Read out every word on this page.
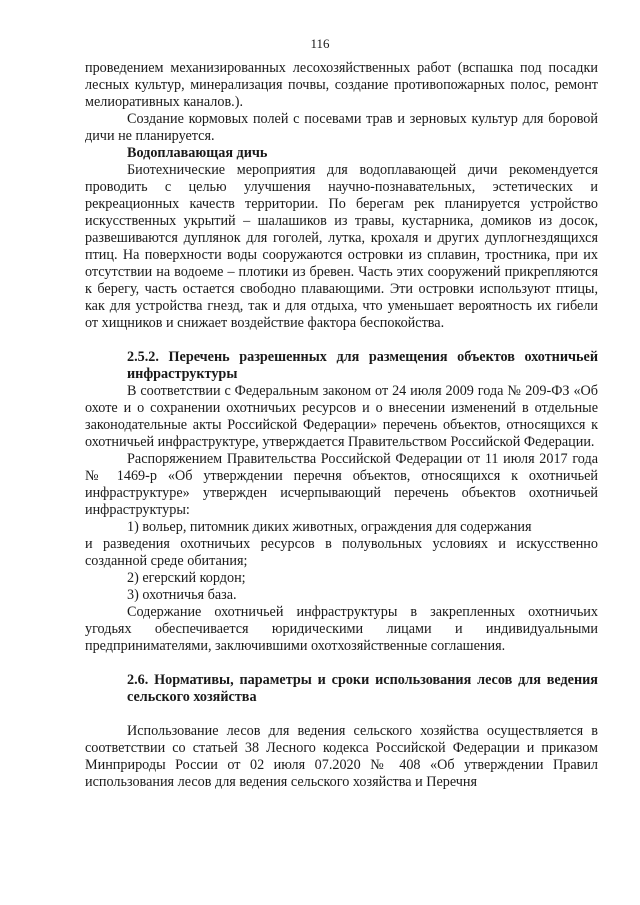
116

проведением механизированных лесохозяйственных работ (вспашка под посадки лесных культур, минерализация почвы, создание противопожарных полос, ремонт мелиоративных каналов.).

Создание кормовых полей с посевами трав и зерновых культур для боровой дичи не планируется.

Водоплавающая дичь

Биотехнические мероприятия для водоплавающей дичи рекомендуется проводить с целью улучшения научно-познавательных, эстетических и рекреационных качеств территории. По берегам рек планируется устройство искусственных укрытий – шалашиков из травы, кустарника, домиков из досок, развешиваются дуплянок для гоголей, лутка, крохаля и других дуплогнездящихся птиц. На поверхности воды сооружаются островки из сплавин, тростника, при их отсутствии на водоеме – плотики из бревен. Часть этих сооружений прикрепляются к берегу, часть остается свободно плавающими. Эти островки используют птицы, как для устройства гнезд, так и для отдыха, что уменьшает вероятность их гибели от хищников и снижает воздействие фактора беспокойства.

2.5.2. Перечень разрешенных для размещения объектов охотничьей инфраструктуры

В соответствии с Федеральным законом от 24 июля 2009 года № 209-ФЗ «Об охоте и о сохранении охотничьих ресурсов и о внесении изменений в отдельные законодательные акты Российской Федерации» перечень объектов, относящихся к охотничьей инфраструктуре, утверждается Правительством Российской Федерации.

Распоряжением Правительства Российской Федерации от 11 июля 2017 года № 1469-р «Об утверждении перечня объектов, относящихся к охотничьей инфраструктуре» утвержден исчерпывающий перечень объектов охотничьей инфраструктуры:

1) вольер, питомник диких животных, ограждения для содержания

и разведения охотничьих ресурсов в полувольных условиях и искусственно созданной среде обитания;

2) егерский кордон;

3) охотничья база.

Содержание охотничьей инфраструктуры в закрепленных охотничьих угодьях обеспечивается юридическими лицами и индивидуальными предпринимателями, заключившими охотхозяйственные соглашения.

2.6. Нормативы, параметры и сроки использования лесов для ведения сельского хозяйства

Использование лесов для ведения сельского хозяйства осуществляется в соответствии со статьей 38 Лесного кодекса Российской Федерации и приказом Минприроды России от 02 июля 07.2020 № 408 «Об утверждении Правил использования лесов для ведения сельского хозяйства и Перечня
